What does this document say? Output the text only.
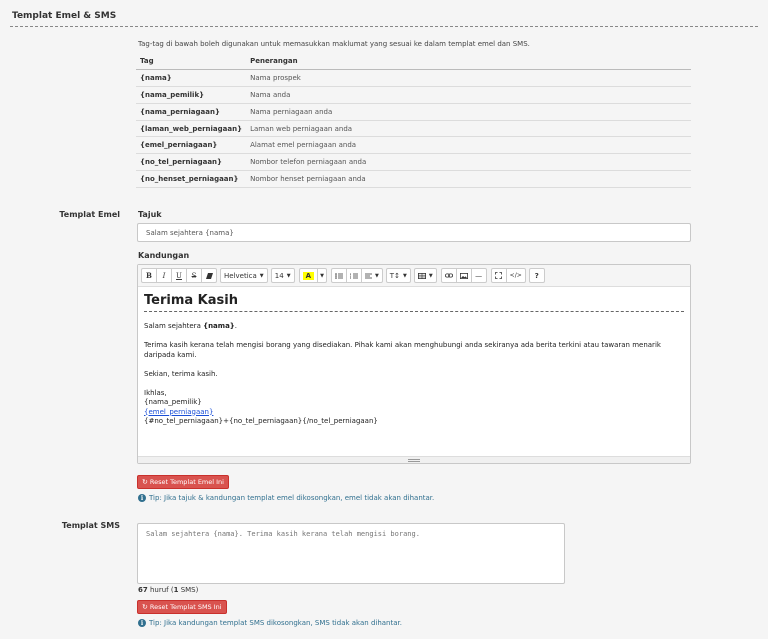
Templat Emel & SMS
Tag-tag di bawah boleh digunakan untuk memasukkan maklumat yang sesuai ke dalam templat emel dan SMS.
Tag	Penerangan
{nama}	Nama prospek
{nama_pemilik}	Nama anda
{nama_perniagaan}	Nama perniagaan anda
{laman_web_perniagaan}	Laman web perniagaan anda
{emel_perniagaan}	Alamat emel perniagaan anda
{no_tel_perniagaan}	Nombor telefon perniagaan anda
{no_henset_perniagaan}	Nombor henset perniagaan anda
Templat Emel Tajuk
Salam sejahtera {nama}
Kandungan
B	I	U	S	Helvetica ▼ 14 ▼	A	▼	▼ T↕ ▼	▼	—	</>	?
Terima Kasih

Salam sejahtera {nama}.

Terima kasih kerana telah mengisi borang yang disediakan. Pihak kami akan menghubungi anda sekiranya ada berita terkini atau tawaran menarik daripada kami.

Sekian, terima kasih.

Ikhlas,
{nama_pemilik}
{emel_perniagaan}
{#no_tel_perniagaan}+{no_tel_perniagaan}{/no_tel_perniagaan}
↻ Reset Templat Emel Ini
i Tip: Jika tajuk & kandungan templat emel dikosongkan, emel tidak akan dihantar.
Templat SMS
Salam sejahtera {nama}. Terima kasih kerana telah mengisi borang.
67 huruf (1 SMS)
↻ Reset Templat SMS Ini
i Tip: Jika kandungan templat SMS dikosongkan, SMS tidak akan dihantar.
